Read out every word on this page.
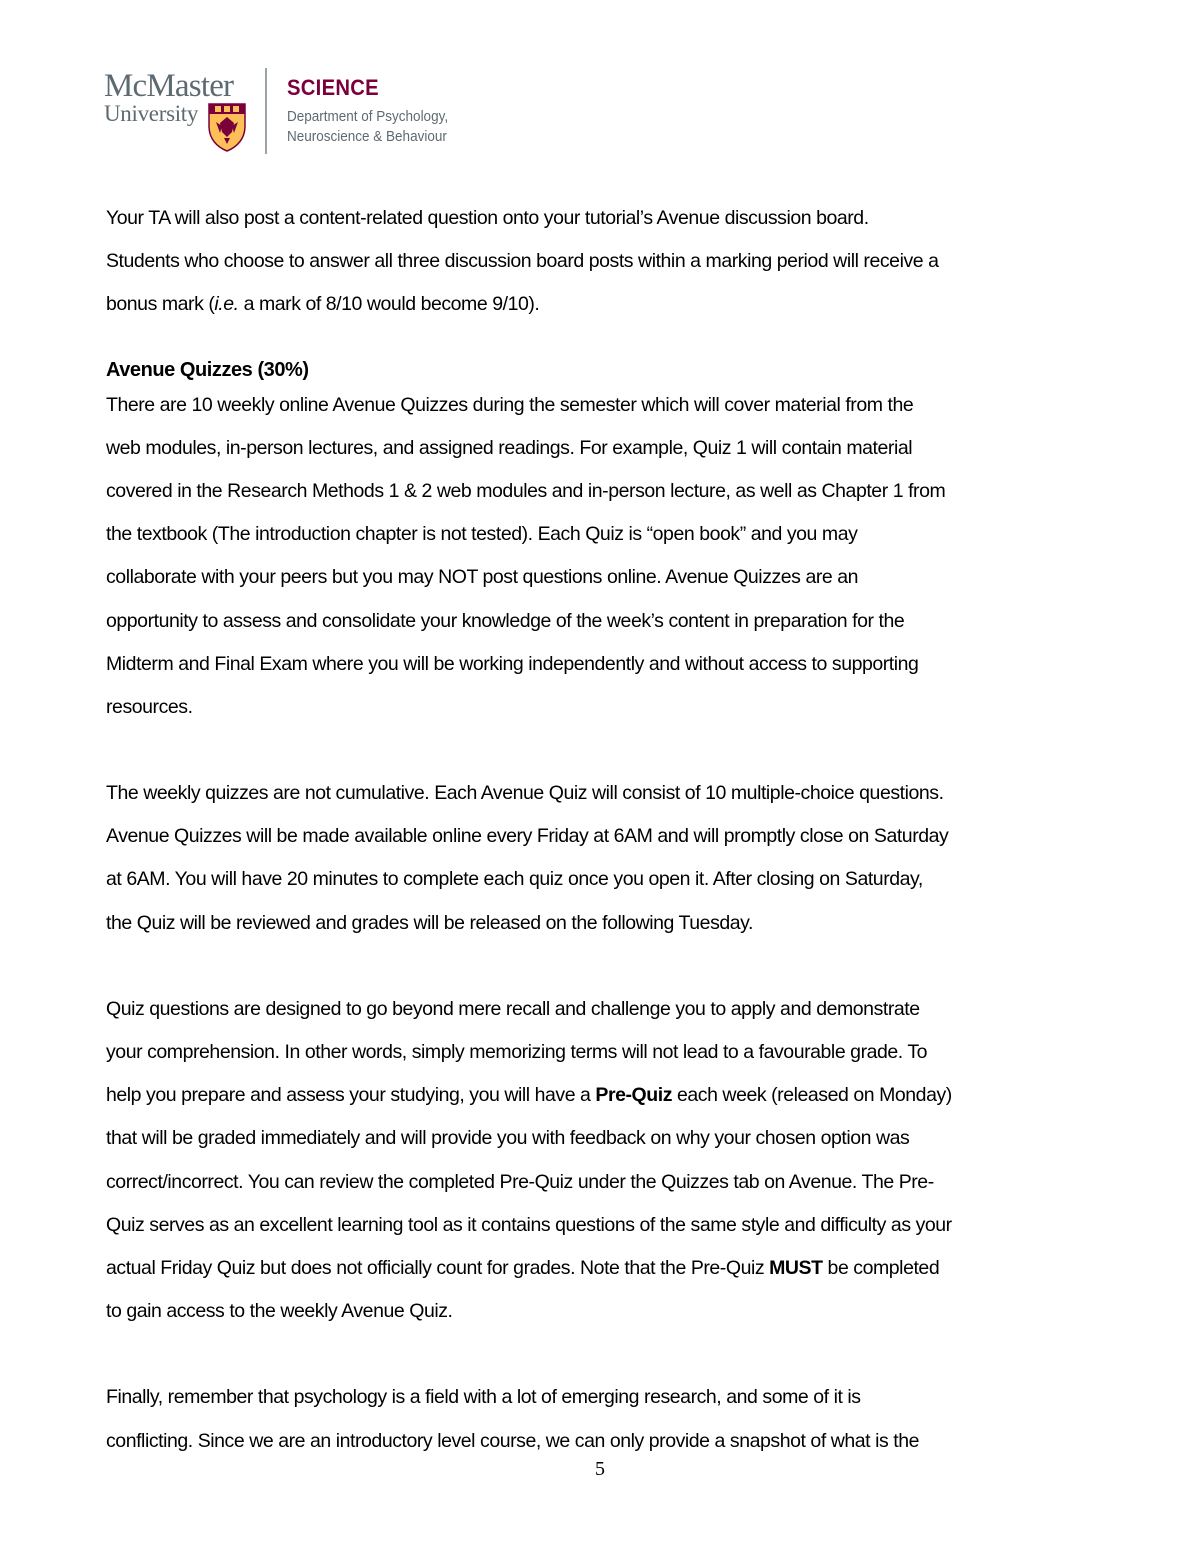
McMaster
University
SCIENCE
Department of Psychology,
Neuroscience & Behaviour
Your TA will also post a content-related question onto your tutorial’s Avenue discussion board.
Students who choose to answer all three discussion board posts within a marking period will receive a
bonus mark (i.e. a mark of 8/10 would become 9/10).
Avenue Quizzes (30%)
There are 10 weekly online Avenue Quizzes during the semester which will cover material from the
web modules, in-person lectures, and assigned readings. For example, Quiz 1 will contain material
covered in the Research Methods 1 & 2 web modules and in-person lecture, as well as Chapter 1 from
the textbook (The introduction chapter is not tested). Each Quiz is “open book” and you may
collaborate with your peers but you may NOT post questions online. Avenue Quizzes are an
opportunity to assess and consolidate your knowledge of the week’s content in preparation for the
Midterm and Final Exam where you will be working independently and without access to supporting
resources.
The weekly quizzes are not cumulative. Each Avenue Quiz will consist of 10 multiple-choice questions.
Avenue Quizzes will be made available online every Friday at 6AM and will promptly close on Saturday
at 6AM. You will have 20 minutes to complete each quiz once you open it. After closing on Saturday,
the Quiz will be reviewed and grades will be released on the following Tuesday.
Quiz questions are designed to go beyond mere recall and challenge you to apply and demonstrate
your comprehension. In other words, simply memorizing terms will not lead to a favourable grade. To
help you prepare and assess your studying, you will have a Pre-Quiz each week (released on Monday)
that will be graded immediately and will provide you with feedback on why your chosen option was
correct/incorrect. You can review the completed Pre-Quiz under the Quizzes tab on Avenue. The Pre-
Quiz serves as an excellent learning tool as it contains questions of the same style and difficulty as your
actual Friday Quiz but does not officially count for grades. Note that the Pre-Quiz MUST be completed
to gain access to the weekly Avenue Quiz.
Finally, remember that psychology is a field with a lot of emerging research, and some of it is
conflicting. Since we are an introductory level course, we can only provide a snapshot of what is the
5
